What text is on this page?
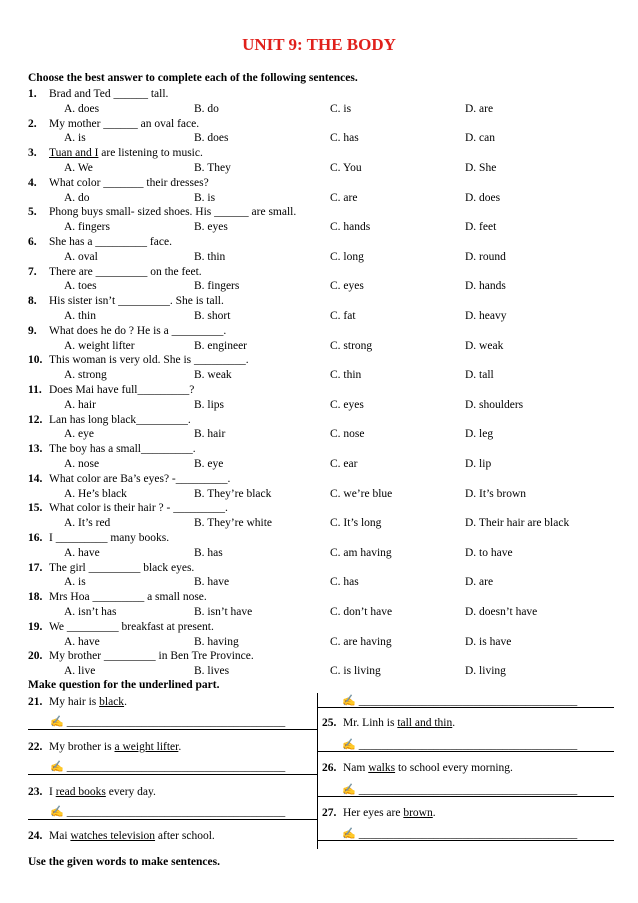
UNIT 9: THE BODY
Choose the best answer to complete each of the following sentences.
1.	Brad and Ted ______ tall.
A. does	B. do	C. is	D. are
2.	My mother ______ an oval face.
A. is	B. does	C. has	D. can
3.	Tuan and I are listening to music.
A. We	B. They	C. You	D. She
4.	What color _______ their dresses?
A. do	B. is	C. are	D. does
5.	Phong buys small- sized shoes. His ______ are small.
A. fingers	B. eyes	C. hands	D. feet
6.	She has a _________ face.
A. oval	B. thin	C. long	D. round
7.	There are _________ on the feet.
A. toes	B. fingers	C. eyes	D. hands
8.	His sister isn’t _________. She is tall.
A. thin	B. short	C. fat	D. heavy
9.	What does he do ? He is a _________.
A. weight lifter	B. engineer	C. strong	D. weak
10. This woman is very old. She is _________.
A. strong	B. weak	C. thin	D. tall
11. Does Mai have full_________?
A. hair	B. lips	C. eyes	D. shoulders
12. Lan has long black_________.
A. eye	B. hair	C. nose	D. leg
13. The boy has a small_________.
A. nose	B. eye	C. ear	D. lip
14. What color are Ba’s eyes? -_________.
A. He’s black	B. They’re black	C. we’re blue	D. It’s brown
15. What color is their hair ? - _________.
A. It’s red	B. They’re white	C. It’s long	D. Their hair are black
16. I _________ many books.
A. have	B. has	C. am having	D. to have
17. The girl _________ black eyes.
A. is	B. have	C. has	D. are
18. Mrs Hoa _________ a small nose.
A. isn’t has	B. isn’t have	C. don’t have	D. doesn’t have
19. We _________ breakfast at present.
A. have	B. having	C. are having	D. is have
20. My brother _________ in Ben Tre Province.
A. live	B. lives	C. is living	D. living
Make question for the underlined part.
21. My hair is black.
22. My brother is a weight lifter.
23. I read books every day.
24. Mai watches television after school.
✍ ______________________________________
✍ ______________________________________
✍ ______________________________________
✍ ______________________________________
25. Mr. Linh is tall and thin.
26. Nam walks to school every morning.
27. Her eyes are brown.
✍ ______________________________________
✍ ______________________________________
✍ ______________________________________
Use the given words to make sentences.
